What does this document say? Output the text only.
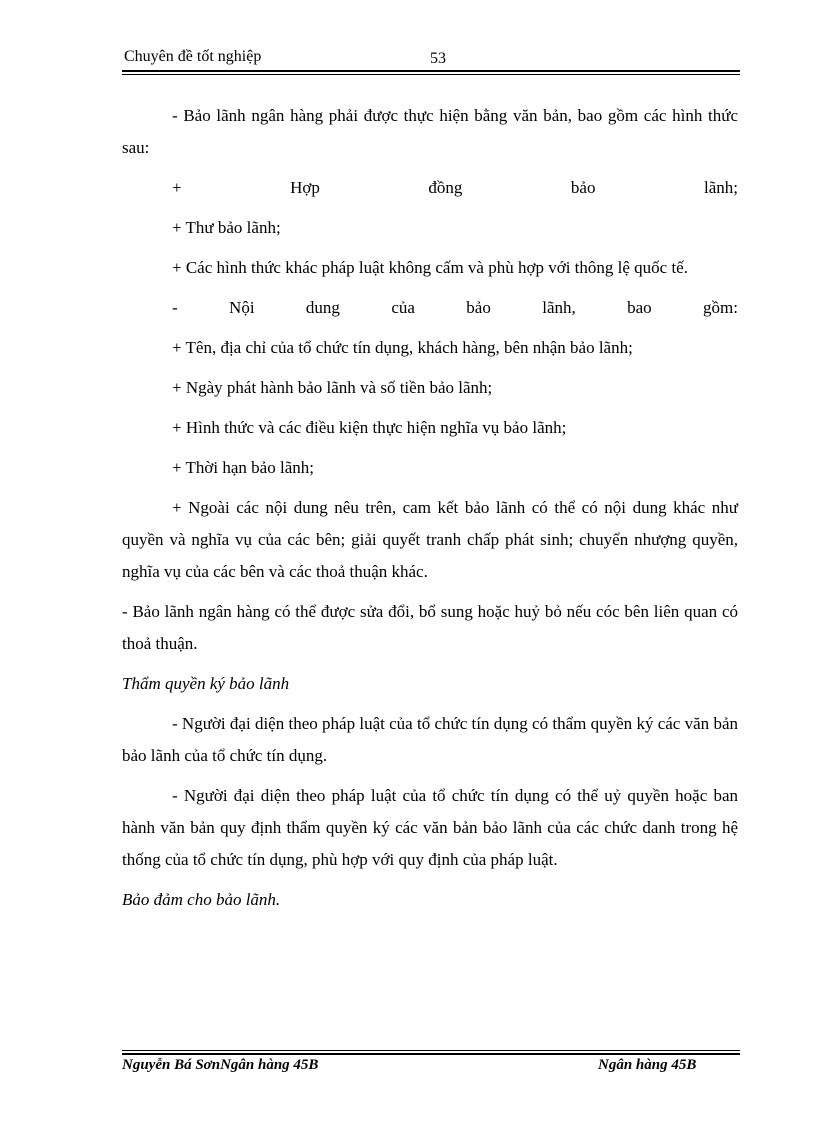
Chuyên đề tốt nghiệp	53

- Bảo lãnh ngân hàng phải được thực hiện bằng văn bản, bao gồm các hình thức sau:

+ Hợp đồng bảo lãnh;

+ Thư bảo lãnh;

+ Các hình thức khác pháp luật không cấm và phù hợp với thông lệ quốc tế.

- Nội dung của bảo lãnh, bao gồm:

+ Tên, địa chỉ của tổ chức tín dụng, khách hàng, bên nhận bảo lãnh;

+ Ngày phát hành bảo lãnh và số tiền bảo lãnh;

+ Hình thức và các điều kiện thực hiện nghĩa vụ bảo lãnh;

+ Thời hạn bảo lãnh;

+ Ngoài các nội dung nêu trên, cam kết bảo lãnh có thể có nội dung khác như quyền và nghĩa vụ của các bên; giải quyết tranh chấp phát sinh; chuyển nhượng quyền, nghĩa vụ của các bên và các thoả thuận khác.

- Bảo lãnh ngân hàng có thể được sửa đổi, bổ sung hoặc huỷ bỏ nếu cóc bên liên quan có thoả thuận.

Thẩm quyền ký bảo lãnh

- Người đại diện theo pháp luật của tổ chức tín dụng có thẩm quyền ký các văn bản bảo lãnh của tổ chức tín dụng.

- Người đại diện theo pháp luật của tổ chức tín dụng có thể uỷ quyền hoặc ban hành văn bản quy định thẩm quyền ký các văn bản bảo lãnh của các chức danh trong hệ thống của tổ chức tín dụng, phù hợp với quy định của pháp luật.

Bảo đảm cho bảo lãnh.

Nguyễn Bá SơnNgân hàng 45B	Ngân hàng 45B
